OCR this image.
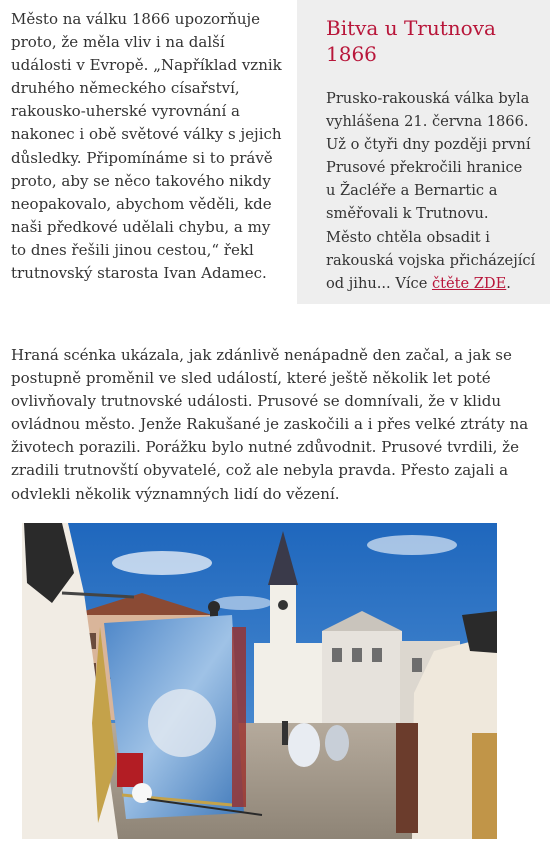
Město na válku 1866 upozorňuje proto, že měla vliv i na další události v Evropě. „Například vznik druhého německého císařství, rakousko-uherské vyrovnání a nakonec i obě světové války s jejich důsledky. Připomínáme si to právě proto, aby se něco takového nikdy neopakovalo, abychom věděli, kde naši předkové udělali chybu, a my to dnes řešili jinou cestou,“ řekl trutnovský starosta Ivan Adamec.
Bitva u Trutnova 1866

Prusko-rakouská válka byla vyhlášena 21. června 1866. Už o čtyři dny později první Prusové překročili hranice u Žacléře a Bernartic a směřovali k Trutnovu. Město chtěla obsadit i rakouská vojska přicházející od jihu... Více čtěte ZDE.

Hraná scénka ukázala, jak zdánlivě nenápadně den začal, a jak se postupně proměnil ve sled událostí, které ještě několik let poté ovlivňovaly trutnovské události. Prusové se domnívali, že v klidu ovládnou město. Jenže Rakušané je zaskočili a i přes velké ztráty na životech porazili. Porážku bylo nutné zdůvodnit. Prusové tvrdili, že zradili trutnovští obyvatelé, což ale nebyla pravda. Přesto zajali a odvlekli několik významných lidí do vězení.
